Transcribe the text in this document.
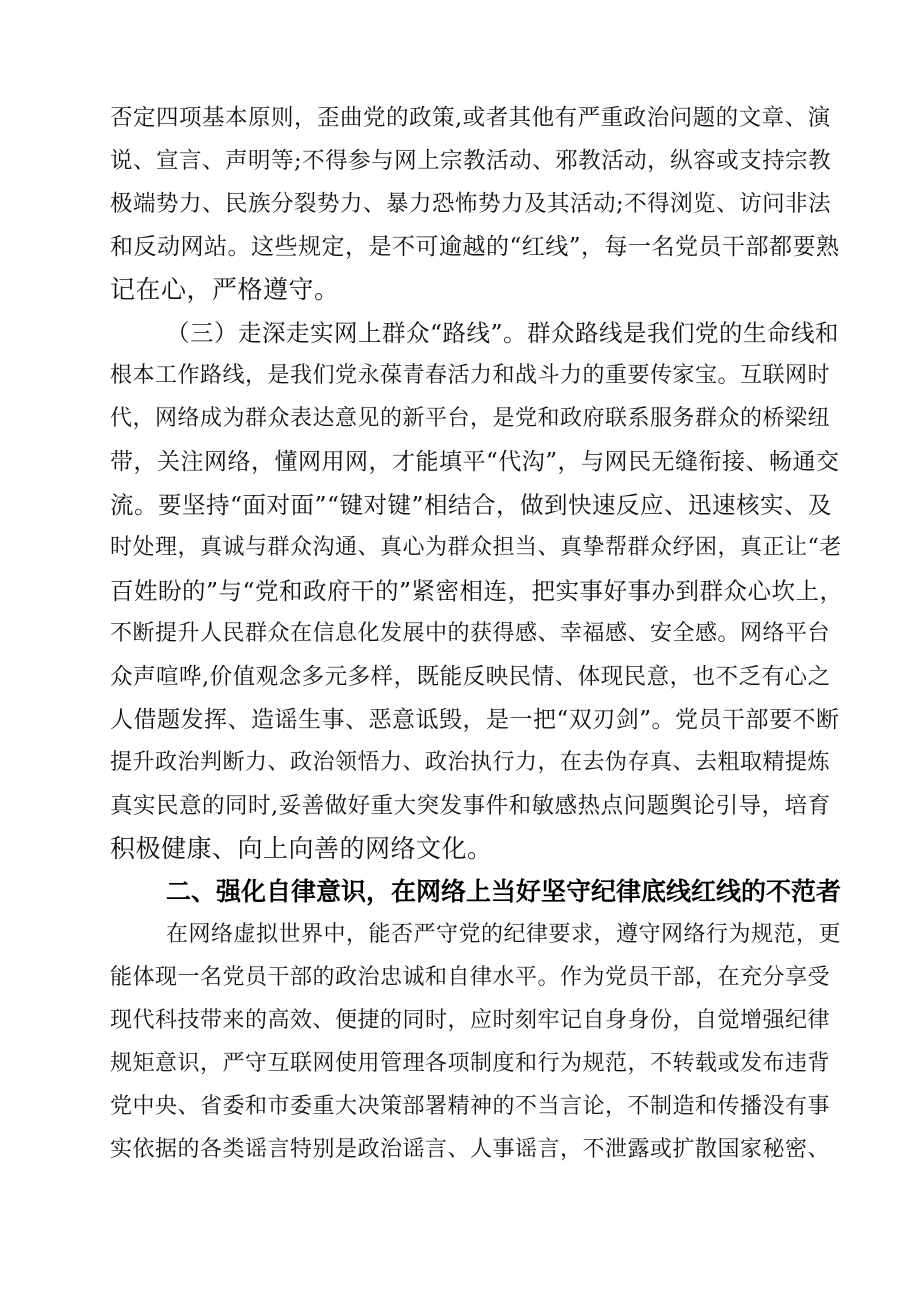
否定四项基本原则，歪曲党的政策,或者其他有严重政治问题的文章、演
说、宣言、声明等;不得参与网上宗教活动、邪教活动，纵容或支持宗教
极端势力、民族分裂势力、暴力恐怖势力及其活动;不得浏览、访问非法
和反动网站。这些规定，是不可逾越的“红线”，每一名党员干部都要熟
记在心，严格遵守。
（三）走深走实网上群众“路线”。群众路线是我们党的生命线和
根本工作路线，是我们党永葆青春活力和战斗力的重要传家宝。互联网时
代，网络成为群众表达意见的新平台，是党和政府联系服务群众的桥梁纽
带，关注网络，懂网用网，才能填平“代沟”，与网民无缝衔接、畅通交
流。要坚持“面对面”“键对键”相结合，做到快速反应、迅速核实、及
时处理，真诚与群众沟通、真心为群众担当、真挚帮群众纾困，真正让“老
百姓盼的”与“党和政府干的”紧密相连，把实事好事办到群众心坎上，
不断提升人民群众在信息化发展中的获得感、幸福感、安全感。网络平台
众声喧哗,价值观念多元多样，既能反映民情、体现民意，也不乏有心之
人借题发挥、造谣生事、恶意诋毁，是一把“双刃剑”。党员干部要不断
提升政治判断力、政治领悟力、政治执行力，在去伪存真、去粗取精提炼
真实民意的同时,妥善做好重大突发事件和敏感热点问题舆论引导，培育
积极健康、向上向善的网络文化。
二、强化自律意识，在网络上当好坚守纪律底线红线的不范者
在网络虚拟世界中，能否严守党的纪律要求，遵守网络行为规范，更
能体现一名党员干部的政治忠诚和自律水平。作为党员干部，在充分享受
现代科技带来的高效、便捷的同时，应时刻牢记自身身份，自觉增强纪律
规矩意识，严守互联网使用管理各项制度和行为规范，不转载或发布违背
党中央、省委和市委重大决策部署精神的不当言论，不制造和传播没有事
实依据的各类谣言特别是政治谣言、人事谣言，不泄露或扩散国家秘密、
